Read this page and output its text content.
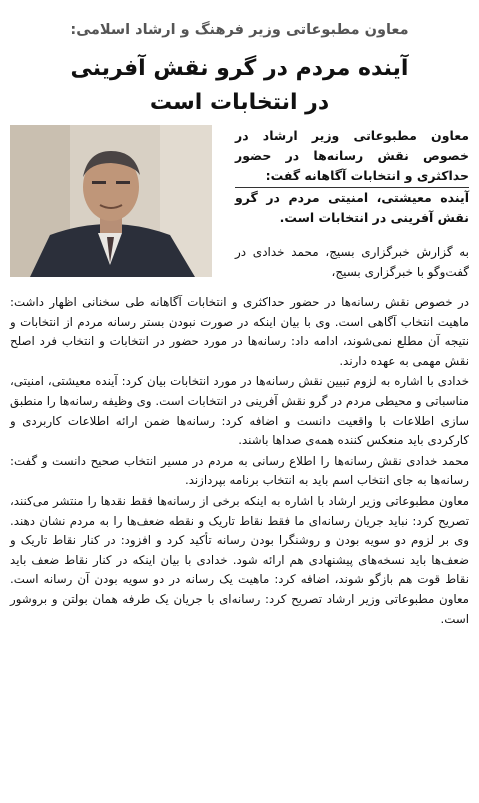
معاون مطبوعاتی وزیر فرهنگ و ارشاد اسلامی:
آینده مردم در گرو نقش آفرینی
در انتخابات است
معاون مطبوعاتی وزیر ارشاد در خصوص نقش رسانه‌ها در حضور حداکثری و انتخابات آگاهانه گفت:
آینده معیشتی، امنیتی مردم در گرو نقش آفرینی در انتخابات است.
به گزارش خبرگزاری بسیج، محمد خدادی در گفت‌وگو با خبرگزاری بسیج،

در خصوص نقش رسانه‌ها در حضور حداکثری و انتخابات آگاهانه طی سخنانی اظهار داشت: ماهیت انتخاب آگاهی است. وی با بیان اینکه در صورت نبودن بستر رسانه مردم از انتخابات و نتیجه آن مطلع نمی‌شوند، ادامه داد: رسانه‌ها در مورد حضور در انتخابات و انتخاب فرد اصلح نقش مهمی به عهده دارند.

خدادی با اشاره به لزوم تبیین نقش رسانه‌ها در مورد انتخابات بیان کرد: آینده معیشتی، امنیتی، مناسباتی و محیطی مردم در گرو نقش آفرینی در انتخابات است. وی وظیفه رسانه‌ها را منطبق سازی اطلاعات با واقعیت دانست و اضافه کرد: رسانه‌ها ضمن ارائه اطلاعات کاربردی و کارکردی باید منعکس کننده همه‌ی صداها باشند.

محمد خدادی نقش رسانه‌ها را اطلاع رسانی به مردم در مسیر انتخاب صحیح دانست و گفت: رسانه‌ها به جای انتخاب اسم باید به انتخاب برنامه بپردازند.

معاون مطبوعاتی وزیر ارشاد با اشاره به اینکه برخی از رسانه‌ها فقط نقدها را منتشر می‌کنند، تصریح کرد: نباید جریان رسانه‌ای ما فقط نقاط تاریک و نقطه ضعف‌ها را به مردم نشان دهند. وی بر لزوم دو سویه بودن و روشنگرا بودن رسانه تأکید کرد و افزود: در کنار نقاط تاریک و ضعف‌ها باید نسخه‌های پیشنهادی هم ارائه شود. خدادی با بیان اینکه در کنار نقاط ضعف باید نقاط قوت هم بازگو شوند، اضافه کرد: ماهیت یک رسانه در دو سویه بودن آن رسانه است. معاون مطبوعاتی وزیر ارشاد تصریح کرد: رسانه‌ای با جریان یک طرفه همان بولتن و بروشور است.
